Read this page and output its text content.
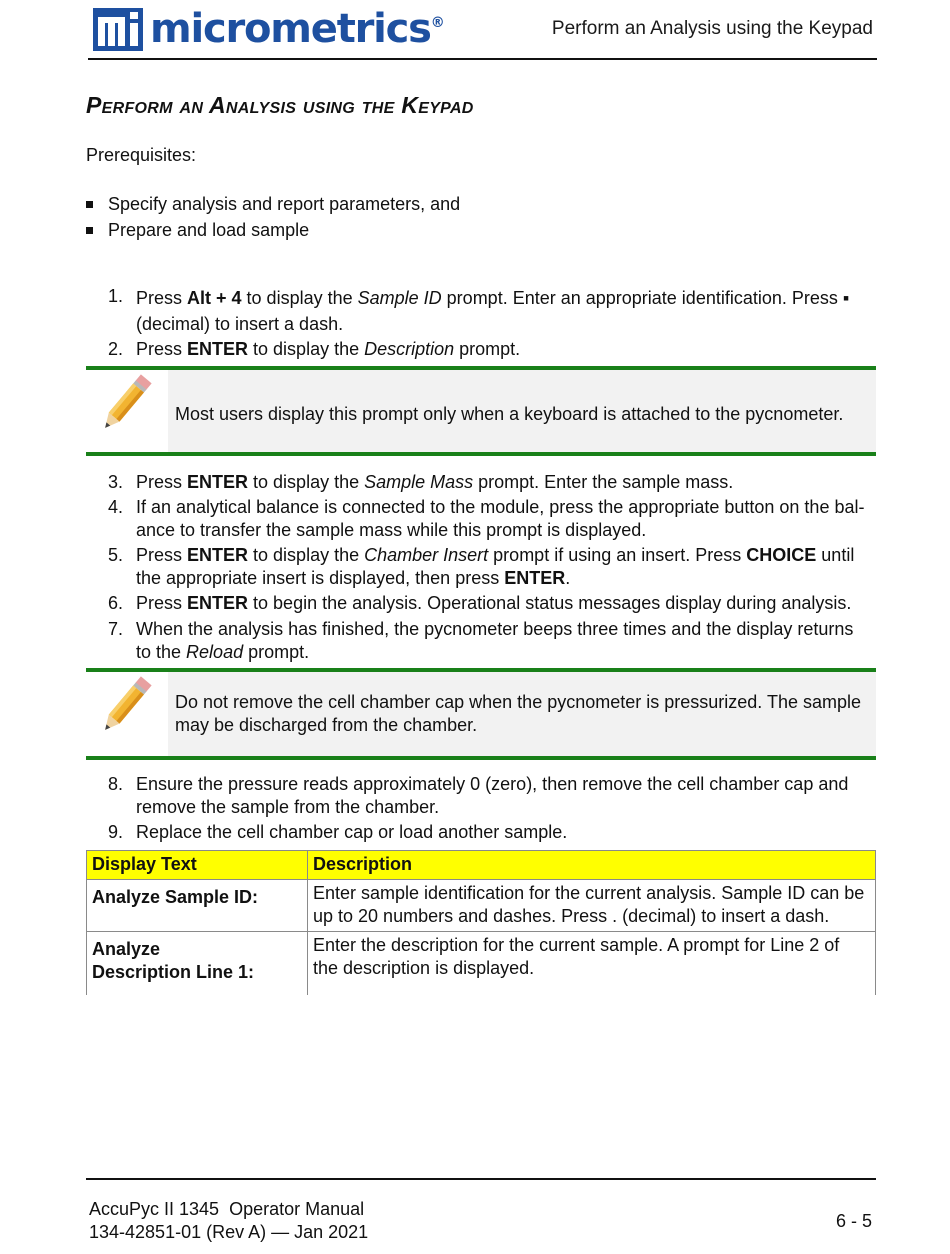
micrometrics®	Perform an Analysis using the Keypad
Perform an Analysis using the Keypad
Prerequisites:
Specify analysis and report parameters, and
Prepare and load sample
1. Press Alt + 4 to display the Sample ID prompt. Enter an appropriate identification. Press ▪ (decimal) to insert a dash.
2. Press ENTER to display the Description prompt.
Most users display this prompt only when a keyboard is attached to the pycnometer.
3. Press ENTER to display the Sample Mass prompt. Enter the sample mass.
4. If an analytical balance is connected to the module, press the appropriate button on the bal-ance to transfer the sample mass while this prompt is displayed.
5. Press ENTER to display the Chamber Insert prompt if using an insert. Press CHOICE until the appropriate insert is displayed, then press ENTER.
6. Press ENTER to begin the analysis. Operational status messages display during analysis.
7. When the analysis has finished, the pycnometer beeps three times and the display returns to the Reload prompt.
Do not remove the cell chamber cap when the pycnometer is pressurized. The sample may be discharged from the chamber.
8. Ensure the pressure reads approximately 0 (zero), then remove the cell chamber cap and remove the sample from the chamber.
9. Replace the cell chamber cap or load another sample.
Display Text	Description
Analyze Sample ID:	Enter sample identification for the current analysis. Sample ID can be up to 20 numbers and dashes. Press . (decimal) to insert a dash.

Analyze
Description Line 1:	Enter the description for the current sample. A prompt for Line 2 of the description is displayed.
AccuPyc II 1345  Operator Manual
134-42851-01 (Rev A) — Jan 2021
6 - 5
